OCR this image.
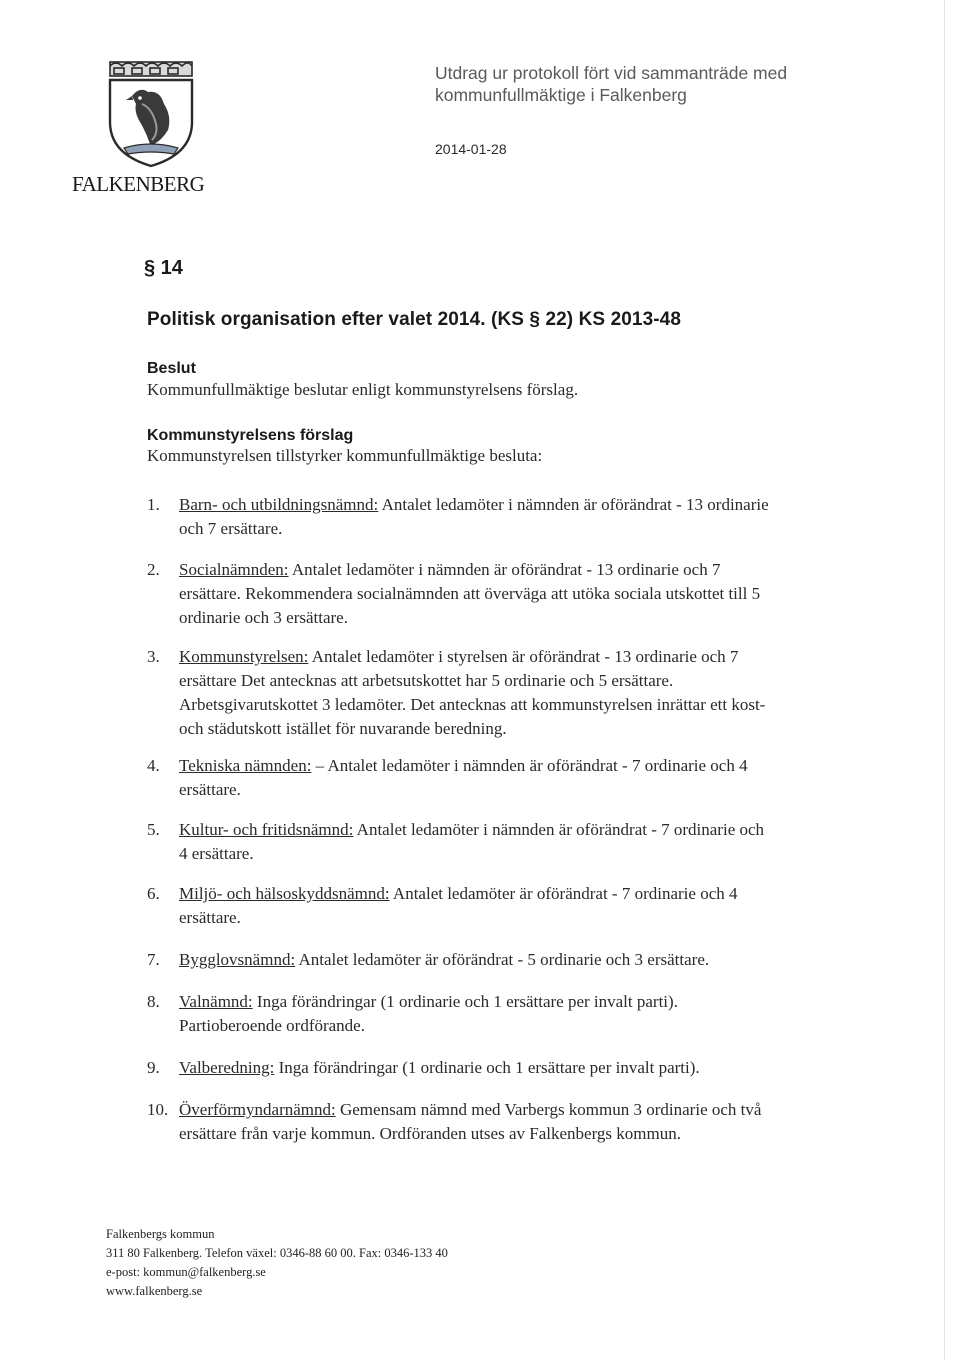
FALKENBERG
Utdrag ur protokoll fört vid sammanträde med
kommunfullmäktige i Falkenberg
2014-01-28
§ 14
Politisk organisation efter valet 2014. (KS § 22) KS 2013-48
Beslut
Kommunfullmäktige beslutar enligt kommunstyrelsens förslag.
Kommunstyrelsens förslag
Kommunstyrelsen tillstyrker kommunfullmäktige besluta:
1.	Barn- och utbildningsnämnd: Antalet ledamöter i nämnden är oförändrat - 13 ordinarie
och 7 ersättare.
2.	Socialnämnden: Antalet ledamöter i nämnden är oförändrat - 13 ordinarie och 7
ersättare. Rekommendera socialnämnden att överväga att utöka sociala utskottet till 5
ordinarie och 3 ersättare.
3.	Kommunstyrelsen: Antalet ledamöter i styrelsen är oförändrat - 13 ordinarie och 7
ersättare Det antecknas att arbetsutskottet har 5 ordinarie och 5 ersättare.
Arbetsgivarutskottet 3 ledamöter. Det antecknas att kommunstyrelsen inrättar ett kost-
och städutskott istället för nuvarande beredning.
4.	Tekniska nämnden: – Antalet ledamöter i nämnden är oförändrat - 7 ordinarie och 4
ersättare.
5.	Kultur- och fritidsnämnd: Antalet ledamöter i nämnden är oförändrat - 7 ordinarie och
4 ersättare.
6.	Miljö- och hälsoskyddsnämnd: Antalet ledamöter är oförändrat - 7 ordinarie och 4
ersättare.
7.	Bygglovsnämnd: Antalet ledamöter är oförändrat - 5 ordinarie och 3 ersättare.
8.	Valnämnd: Inga förändringar (1 ordinarie och 1 ersättare per invalt parti).
Partioberoende ordförande.
9.	Valberedning: Inga förändringar (1 ordinarie och 1 ersättare per invalt parti).
10. Överförmyndarnämnd: Gemensam nämnd med Varbergs kommun 3 ordinarie och två
ersättare från varje kommun. Ordföranden utses av Falkenbergs kommun.
Falkenbergs kommun
311 80 Falkenberg. Telefon växel: 0346-88 60 00. Fax: 0346-133 40
e-post: kommun@falkenberg.se
www.falkenberg.se
